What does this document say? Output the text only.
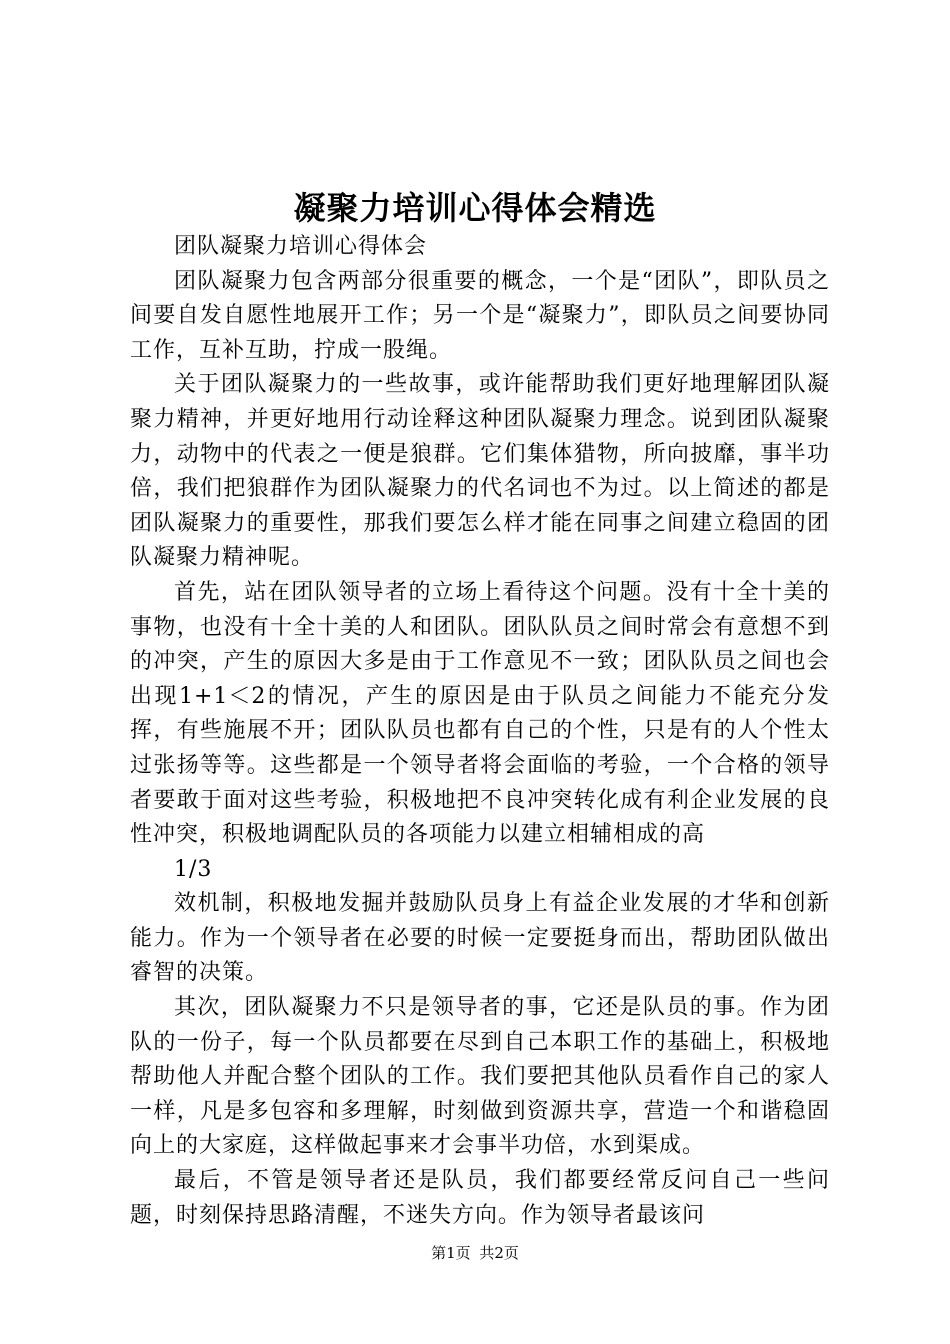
凝聚力培训心得体会精选

团队凝聚力培训心得体会

团队凝聚力包含两部分很重要的概念，一个是“团队”，即队员之间要自发自愿性地展开工作；另一个是“凝聚力”，即队员之间要协同工作，互补互助，拧成一股绳。

关于团队凝聚力的一些故事，或许能帮助我们更好地理解团队凝聚力精神，并更好地用行动诠释这种团队凝聚力理念。说到团队凝聚力，动物中的代表之一便是狼群。它们集体猎物，所向披靡，事半功倍，我们把狼群作为团队凝聚力的代名词也不为过。以上简述的都是团队凝聚力的重要性，那我们要怎么样才能在同事之间建立稳固的团队凝聚力精神呢。

首先，站在团队领导者的立场上看待这个问题。没有十全十美的事物，也没有十全十美的人和团队。团队队员之间时常会有意想不到的冲突，产生的原因大多是由于工作意见不一致；团队队员之间也会出现1+1＜2的情况，产生的原因是由于队员之间能力不能充分发挥，有些施展不开；团队队员也都有自己的个性，只是有的人个性太过张扬等等。这些都是一个领导者将会面临的考验，一个合格的领导者要敢于面对这些考验，积极地把不良冲突转化成有利企业发展的良性冲突，积极地调配队员的各项能力以建立相辅相成的高

1/3

效机制，积极地发掘并鼓励队员身上有益企业发展的才华和创新能力。作为一个领导者在必要的时候一定要挺身而出，帮助团队做出睿智的决策。

其次，团队凝聚力不只是领导者的事，它还是队员的事。作为团队的一份子，每一个队员都要在尽到自己本职工作的基础上，积极地帮助他人并配合整个团队的工作。我们要把其他队员看作自己的家人一样，凡是多包容和多理解，时刻做到资源共享，营造一个和谐稳固向上的大家庭，这样做起事来才会事半功倍，水到渠成。

最后，不管是领导者还是队员，我们都要经常反问自己一些问题，时刻保持思路清醒，不迷失方向。作为领导者最该问

第1页 共2页
